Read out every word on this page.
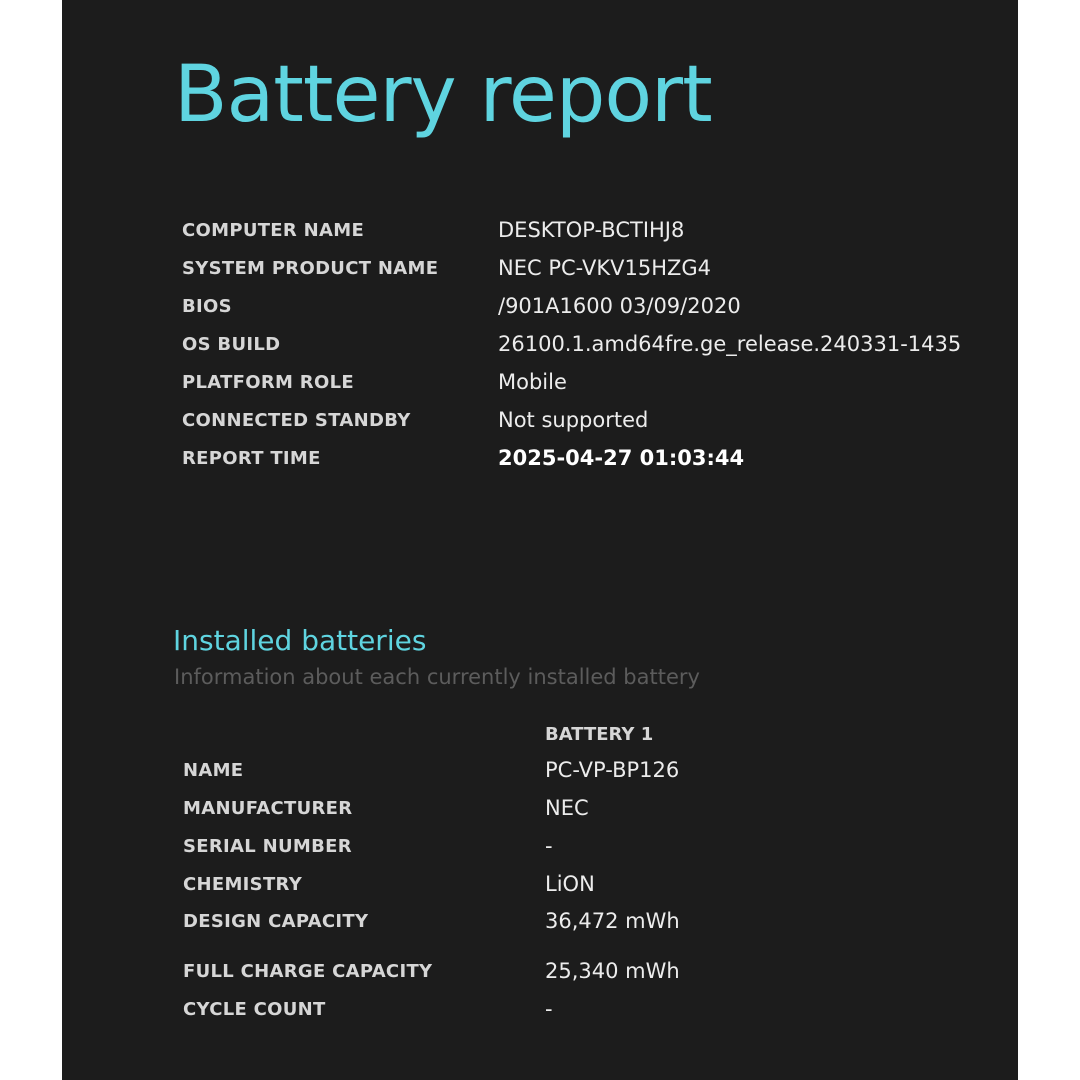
Battery report
COMPUTER NAME	DESKTOP-BCTIHJ8
SYSTEM PRODUCT NAME	NEC PC-VKV15HZG4
BIOS	/901A1600 03/09/2020
OS BUILD	26100.1.amd64fre.ge_release.240331-1435
PLATFORM ROLE	Mobile
CONNECTED STANDBY	Not supported
REPORT TIME	2025-04-27 01:03:44
Installed batteries
Information about each currently installed battery
BATTERY 1
NAME	PC-VP-BP126
MANUFACTURER	NEC
SERIAL NUMBER	-
CHEMISTRY	LiON
DESIGN CAPACITY	36,472 mWh
FULL CHARGE CAPACITY	25,340 mWh
CYCLE COUNT	-
